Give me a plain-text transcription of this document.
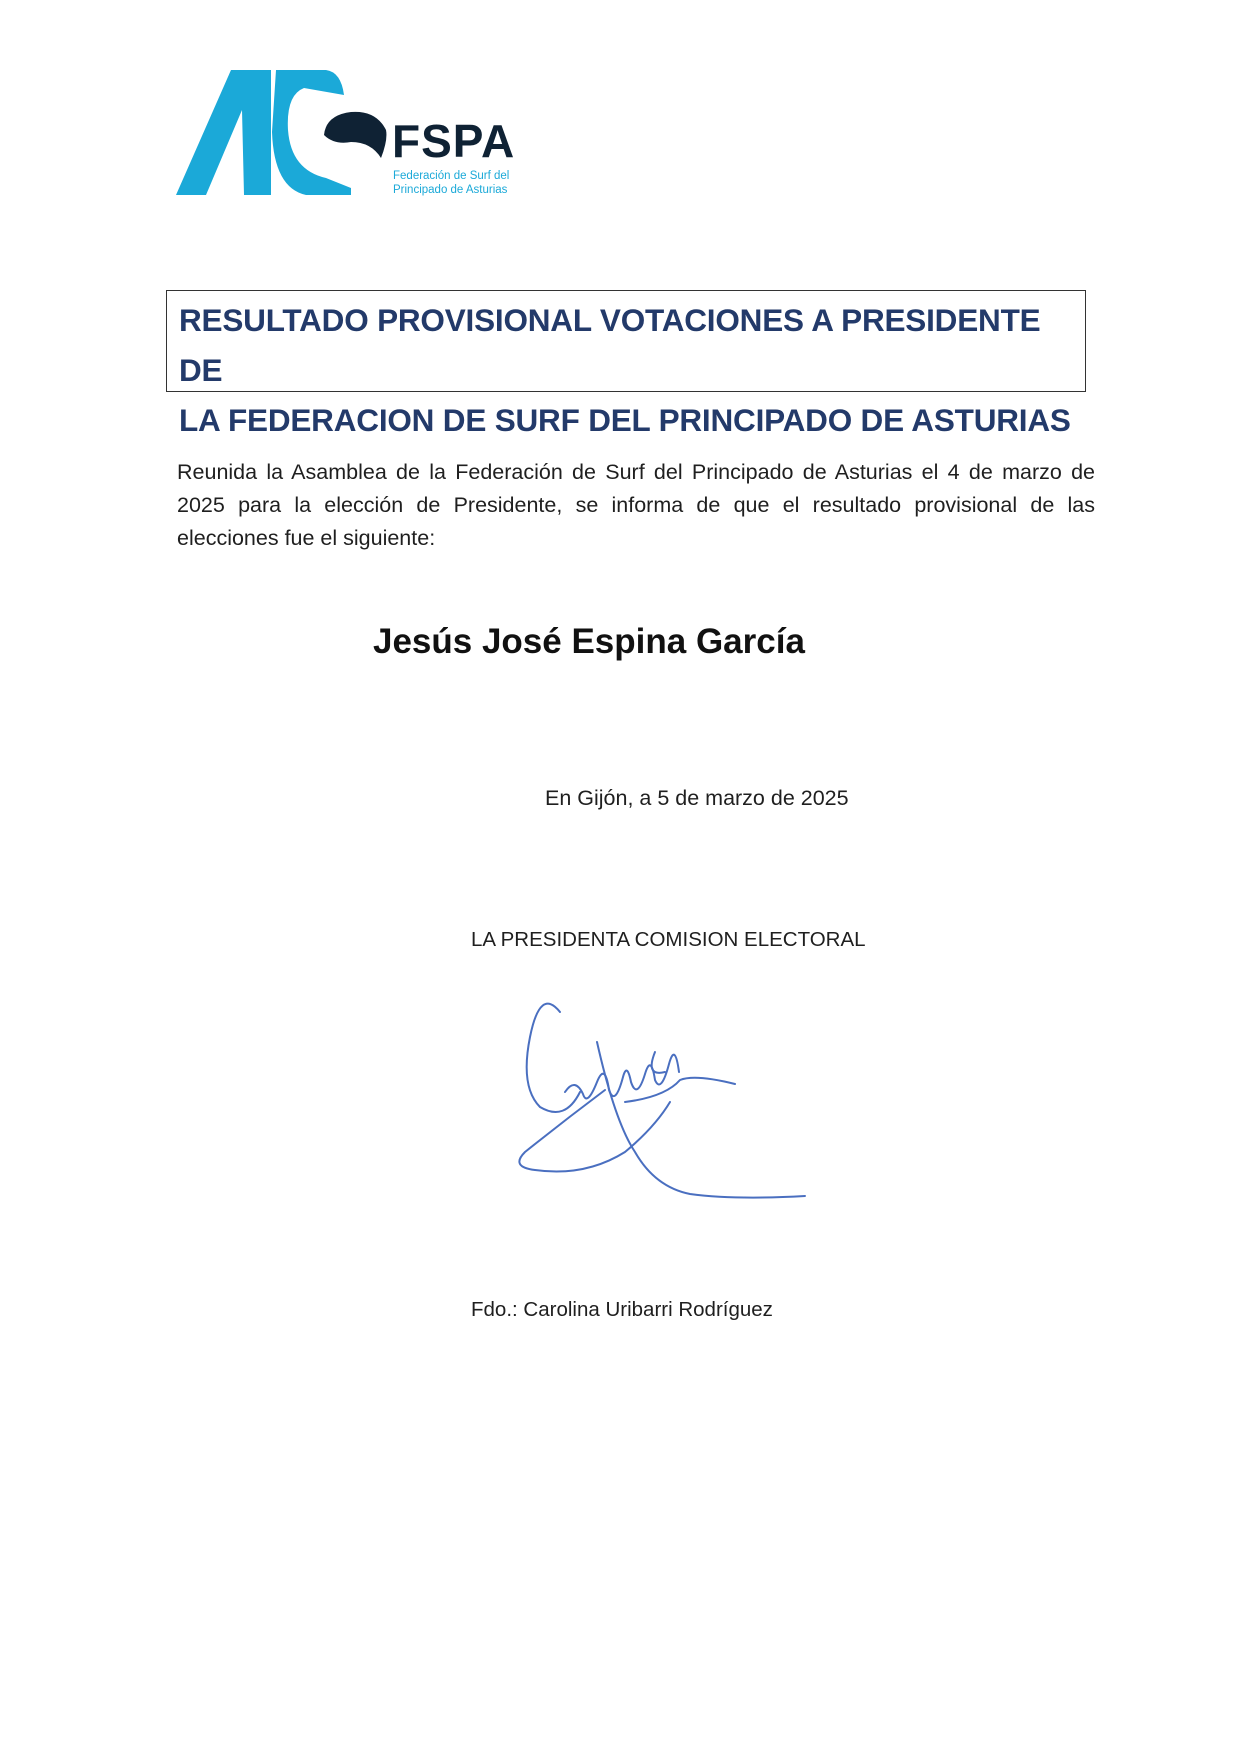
FSPA
Federación de Surf del
Principado de Asturias
RESULTADO PROVISIONAL VOTACIONES A PRESIDENTE DE
LA FEDERACION DE SURF DEL PRINCIPADO DE ASTURIAS

Reunida la Asamblea de la Federación de Surf del Principado de Asturias el 4 de marzo de 2025 para la elección de Presidente, se informa de que el resultado provisional de las elecciones fue el siguiente:

Jesús José Espina García

En Gijón, a 5 de marzo de 2025

LA PRESIDENTA COMISION ELECTORAL

Fdo.: Carolina Uribarri Rodríguez
